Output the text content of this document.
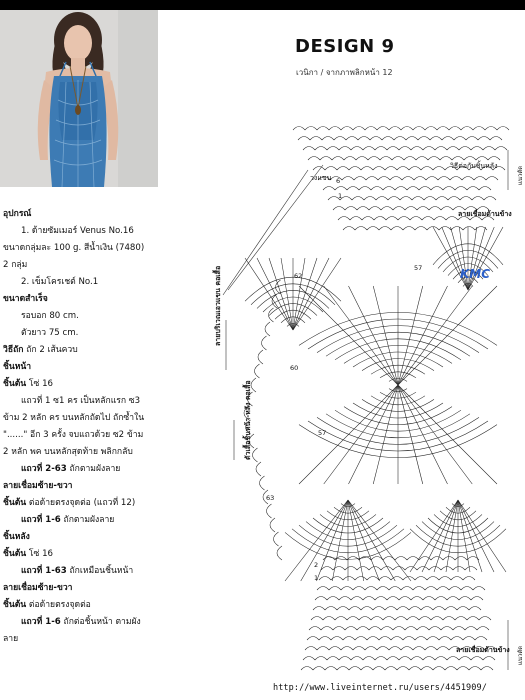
DESIGN 9
เวนิกา / จากภาพลิกหน้า 12
อุปกรณ์
1. ด้ายซัมเมอร์ Venus No.16
ขนาดกลุ่มละ 100 g. สีน้ำเงิน (7480)
2 กลุ่ม
2. เข็มโครเชต์ No.1
ขนาดสำเร็จ
รอบอก 80 cm.
ตัวยาว 75 cm.
วิธีถัก ถัก 2 เส้นควบ
ชิ้นหน้า
ชิ้นต้น โซ่ 16
แถวที่ 1 ซ1 คร เป็นหลักแรก ซ3
ข้าม 2 หลัก คร บนหลักถัดไป ถักซ้ำใน
"......" อีก 3 ครั้ง จบแถวด้วย ซ2 ข้าม
2 หลัก พค บนหลักสุดท้าย พลิกกลับ
แถวที่ 2-63 ถักตามผังลาย
ลายเชื่อมซ้าย-ขวา
ชิ้นต้น ต่อด้ายตรงจุดต่อ (แถวที่ 12)
แถวที่ 1-6 ถักตามผังลาย
ชิ้นหลัง
ชิ้นต้น โซ่ 16
แถวที่ 1-63 ถักเหมือนชิ้นหน้า
ลายเชื่อมซ้าย-ขวา
ชิ้นต้น ต่อด้ายตรงจุดต่อ
แถวที่ 1-6 ถักต่อชิ้นหน้า ตามผัง
ลาย
วิธีต่อกับชิ้นหลัง
วงแขน
ลายเชื่อมด้านข้าง
ลายเชื่อมด้านข้าง
ลายบริเวณเอวแขน คอเสื้อ
ตัวเสื้อชิ้นหน้า-หลัง คอเสื้อ
แนวตัด
แนวตัด
KMC
6
1
62
57
60
57
63
2
1
http://www.liveinternet.ru/users/4451909/
